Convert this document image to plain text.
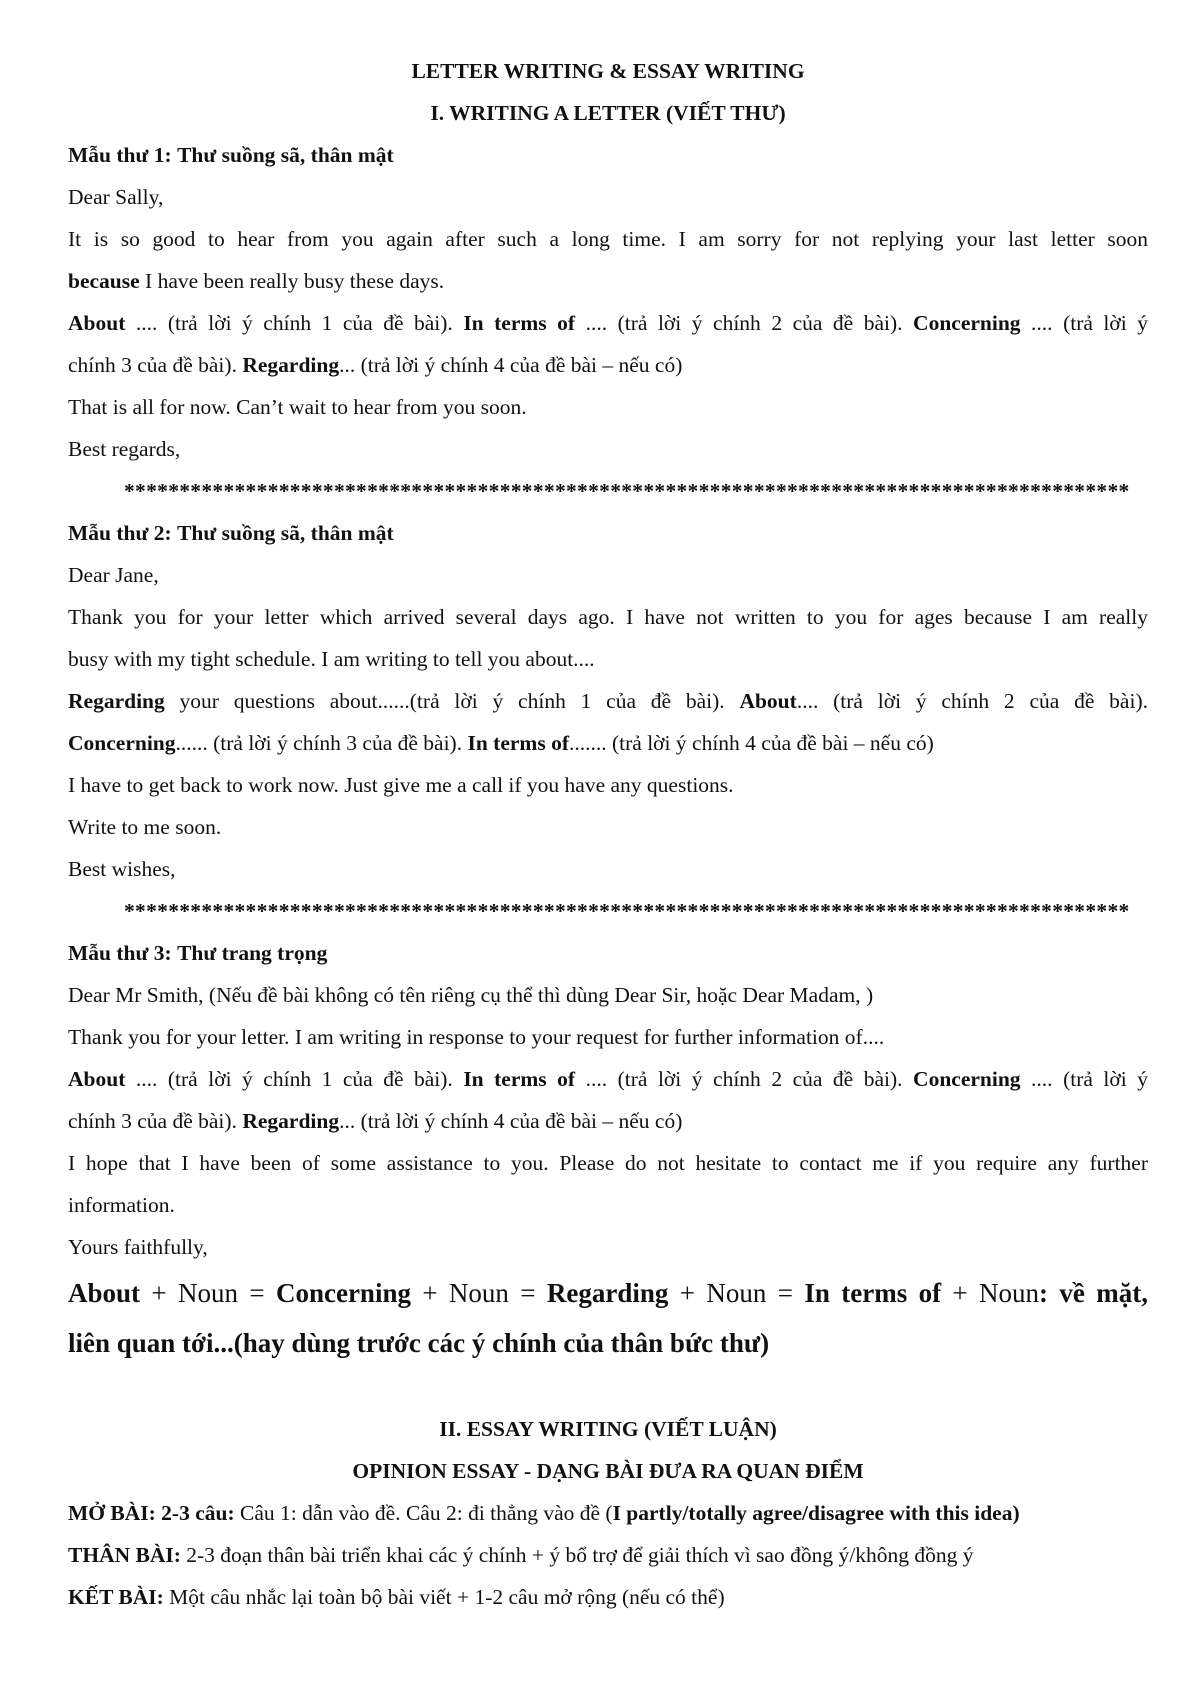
LETTER WRITING & ESSAY WRITING
I. WRITING A LETTER (VIẾT THƯ)
Mẫu thư 1: Thư suồng sã, thân mật
Dear Sally,
It is so good to hear from you again after such a long time. I am sorry for not replying your last letter soon
because I have been really busy these days.
About .... (trả lời ý chính 1 của đề bài). In terms of .... (trả lời ý chính 2 của đề bài). Concerning .... (trả lời ý
chính 3 của đề bài). Regarding... (trả lời ý chính 4 của đề bài – nếu có)
That is all for now. Can’t wait to hear from you soon.
Best regards,
*******************************************************************************************
Mẫu thư 2: Thư suồng sã, thân mật
Dear Jane,
Thank you for your letter which arrived several days ago. I have not written to you for ages because I am really
busy with my tight schedule. I am writing to tell you about....
Regarding your questions about......(trả lời ý chính 1 của đề bài). About.... (trả lời ý chính 2 của đề bài).
Concerning...... (trả lời ý chính 3 của đề bài). In terms of....... (trả lời ý chính 4 của đề bài – nếu có)
I have to get back to work now. Just give me a call if you have any questions.
Write to me soon.
Best wishes,
*******************************************************************************************
Mẫu thư 3: Thư trang trọng
Dear Mr Smith, (Nếu đề bài không có tên riêng cụ thể thì dùng Dear Sir, hoặc Dear Madam, )
Thank you for your letter. I am writing in response to your request for further information of....
About .... (trả lời ý chính 1 của đề bài). In terms of .... (trả lời ý chính 2 của đề bài). Concerning .... (trả lời ý
chính 3 của đề bài). Regarding... (trả lời ý chính 4 của đề bài – nếu có)
I hope that I have been of some assistance to you. Please do not hesitate to contact me if you require any further
information.
Yours faithfully,
About + Noun = Concerning + Noun = Regarding + Noun = In terms of + Noun: về mặt,
liên quan tới...(hay dùng trước các ý chính của thân bức thư)
II. ESSAY WRITING (VIẾT LUẬN)
OPINION ESSAY - DẠNG BÀI ĐƯA RA QUAN ĐIỂM
MỞ BÀI: 2-3 câu: Câu 1: dẫn vào đề. Câu 2: đi thẳng vào đề (I partly/totally agree/disagree with this idea)
THÂN BÀI: 2-3 đoạn thân bài triển khai các ý chính + ý bổ trợ để giải thích vì sao đồng ý/không đồng ý
KẾT BÀI: Một câu nhắc lại toàn bộ bài viết + 1-2 câu mở rộng (nếu có thể)
